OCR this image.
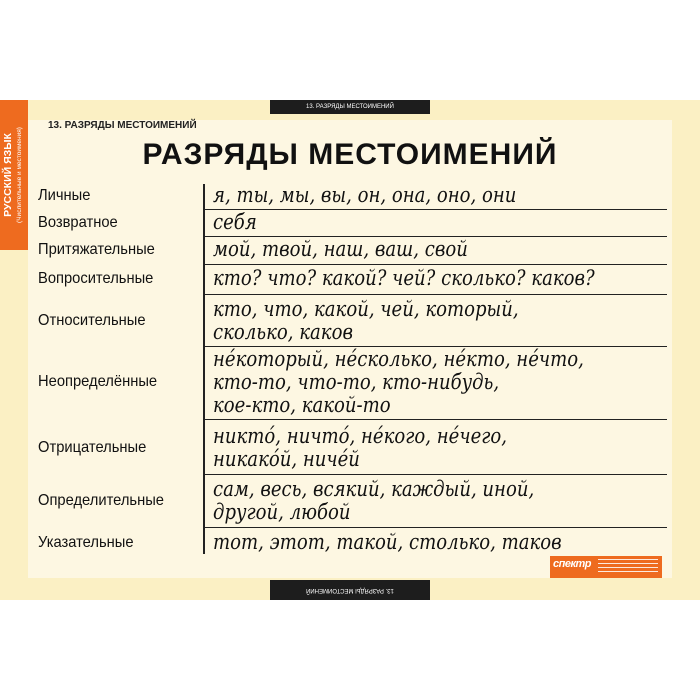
РУССКИЙ ЯЗЫК (Числительные и местоимения)
13. РАЗРЯДЫ МЕСТОИМЕНИЙ
13. РАЗРЯДЫ МЕСТОИМЕНИЙ
13. РАЗРЯДЫ МЕСТОИМЕНИЙ
РАЗРЯДЫ МЕСТОИМЕНИЙ
Личные
Возвратное
Притяжательные
Вопросительные
Относительные
Неопределённые
Отрицательные
Определительные
Указательные
я, ты, мы, вы, он, она, оно, они
себя
мой, твой, наш, ваш, свой
кто? что? какой? чей? сколько? каков?
кто, что, какой, чей, который,
сколько, каков
не́который, не́сколько, не́кто, не́что,
кто-то, что-то, кто-нибудь,
кое-кто, какой-то
никто́, ничто́, не́кого, не́чего,
никако́й, ниче́й
сам, весь, всякий, каждый, иной,
другой, любой
тот, этот, такой, столько, таков
спектр
